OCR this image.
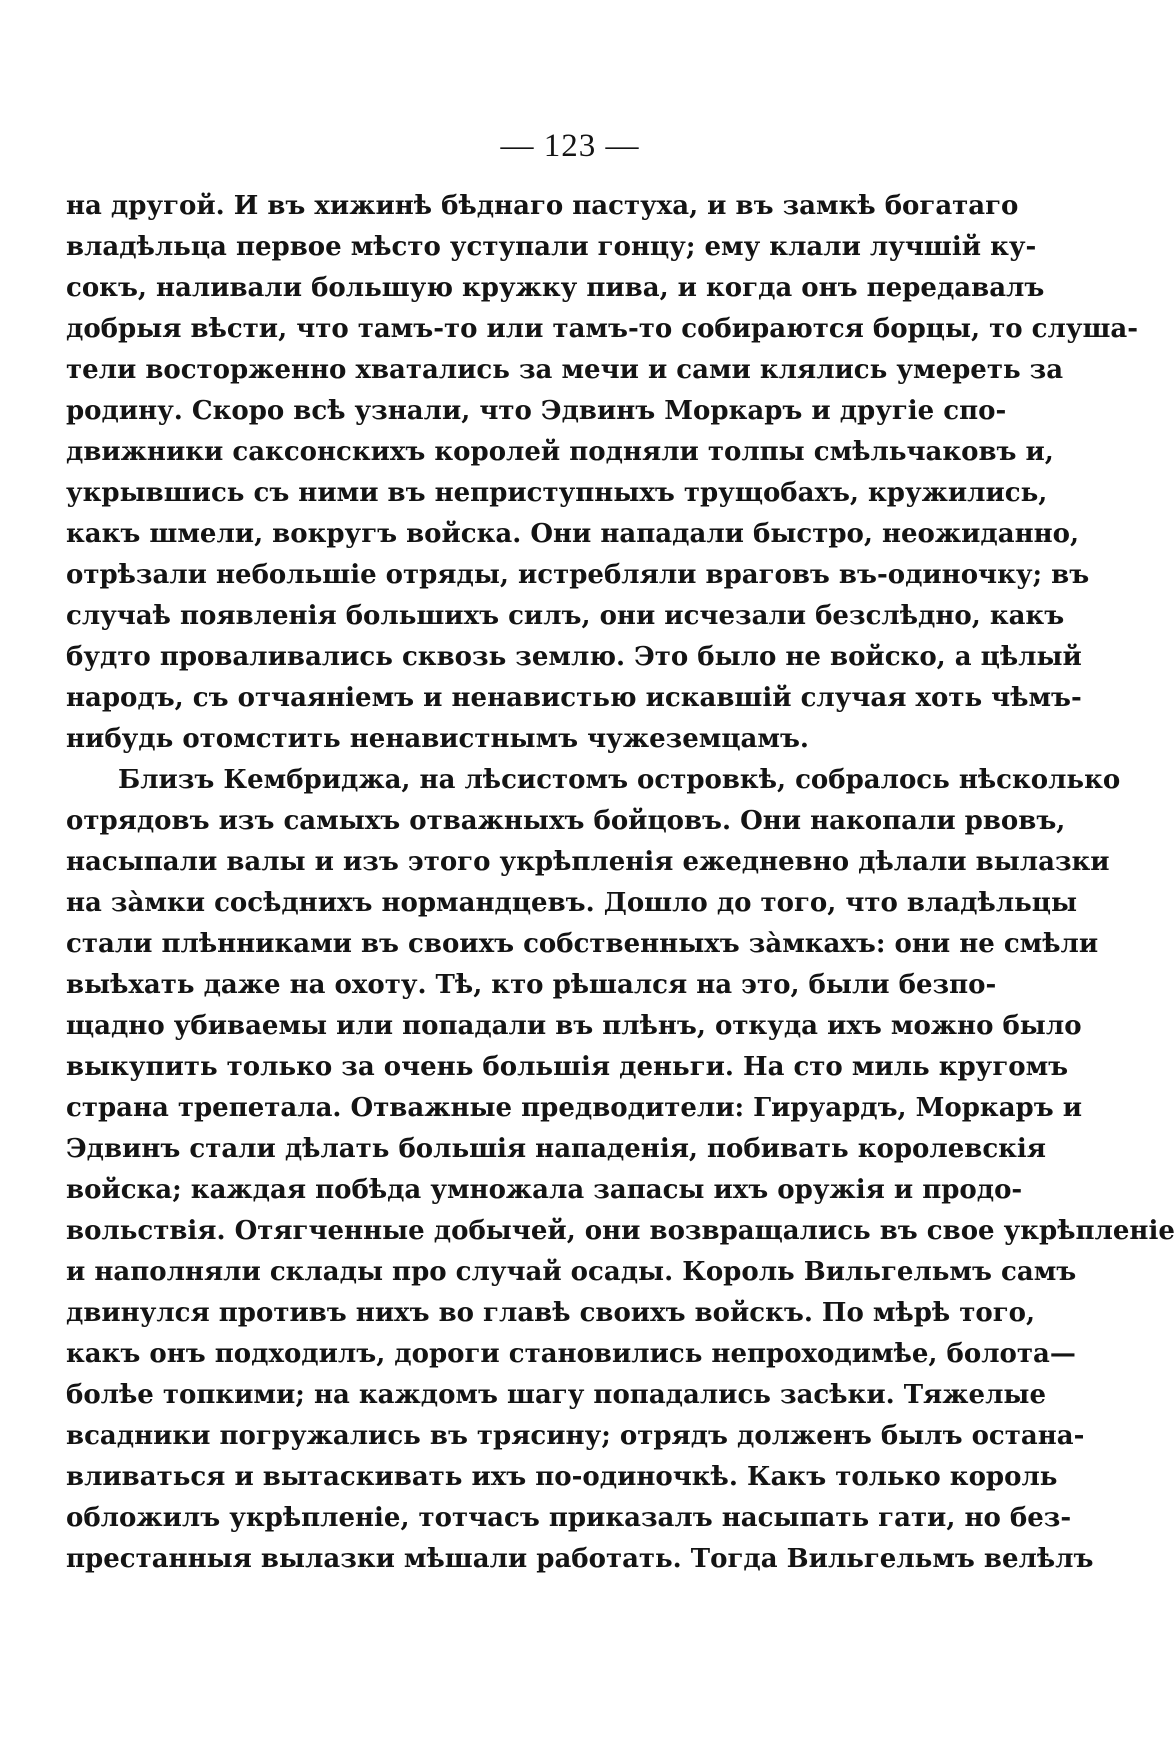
— 123 —
на другой. И въ хижинѣ бѣднаго пастуха, и въ замкѣ богатаго
владѣльца первое мѣсто уступали гонцу; ему клали лучшій ку-
сокъ, наливали большую кружку пива, и когда онъ передавалъ
добрыя вѣсти, что тамъ-то или тамъ-то собираются борцы, то слуша-
тели восторженно хватались за мечи и сами клялись умереть за
родину. Скоро всѣ узнали, что Эдвинъ Моркаръ и другіе спо-
движники саксонскихъ королей подняли толпы смѣльчаковъ и,
укрывшись съ ними въ неприступныхъ трущобахъ, кружились,
какъ шмели, вокругъ войска. Они нападали быстро, неожиданно,
отрѣзали небольшіе отряды, истребляли враговъ въ-одиночку; въ
случаѣ появленія большихъ силъ, они исчезали безслѣдно, какъ
будто проваливались сквозь землю. Это было не войско, а цѣлый
народъ, съ отчаяніемъ и ненавистью искавшій случая хоть чѣмъ-
нибудь отомстить ненавистнымъ чужеземцамъ.
Близъ Кембриджа, на лѣсистомъ островкѣ, собралось нѣсколько
отрядовъ изъ самыхъ отважныхъ бойцовъ. Они накопали рвовъ,
насыпали валы и изъ этого укрѣпленія ежедневно дѣлали вылазки
на зàмки сосѣднихъ нормандцевъ. Дошло до того, что владѣльцы
стали плѣнниками въ своихъ собственныхъ зàмкахъ: они не смѣли
выѣхать даже на охоту. Тѣ, кто рѣшался на это, были безпо-
щадно убиваемы или попадали въ плѣнъ, откуда ихъ можно было
выкупить только за очень большія деньги. На сто миль кругомъ
страна трепетала. Отважные предводители: Гируардъ, Моркаръ и
Эдвинъ стали дѣлать большія нападенія, побивать королевскія
войска; каждая побѣда умножала запасы ихъ оружія и продо-
вольствія. Отягченные добычей, они возвращались въ свое укрѣпленіе
и наполняли склады про случай осады. Король Вильгельмъ самъ
двинулся противъ нихъ во главѣ своихъ войскъ. По мѣрѣ того,
какъ онъ подходилъ, дороги становились непроходимѣе, болота—
болѣе топкими; на каждомъ шагу попадались засѣки. Тяжелые
всадники погружались въ трясину; отрядъ долженъ былъ останa-
вливаться и вытаскивать ихъ по-одиночкѣ. Какъ только король
обложилъ укрѣпленіе, тотчасъ приказалъ насыпать гати, но без-
престанныя вылазки мѣшали работать. Тогда Вильгельмъ велѣлъ
